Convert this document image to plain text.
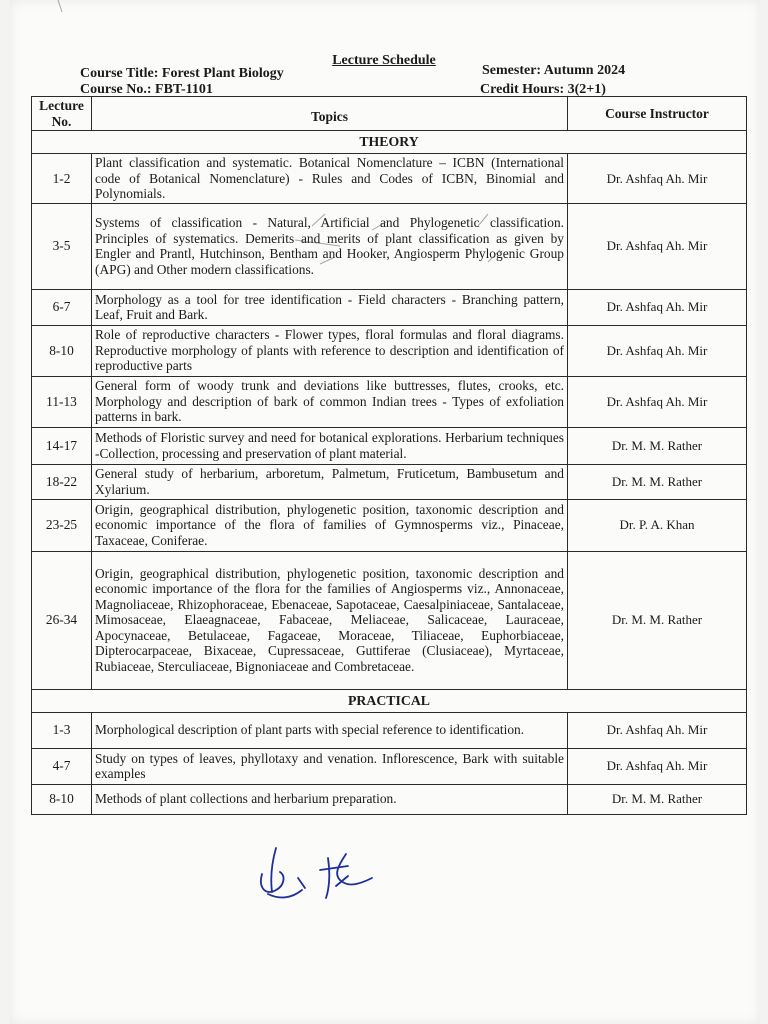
Lecture Schedule
Course Title: Forest Plant Biology
Course No.: FBT-1101
Semester: Autumn 2024
Credit Hours: 3(2+1)
Lecture
No.	Topics	Course Instructor
THEORY		
1-2	Plant classification and systematic. Botanical Nomenclature – ICBN (International code of Botanical Nomenclature) - Rules and Codes of ICBN, Binomial and Polynomials.	Dr. Ashfaq Ah. Mir
3-5	Systems of classification - Natural, Artificial and Phylogenetic classification. Principles of systematics. Demerits and merits of plant classification as given by Engler and Prantl, Hutchinson, Bentham and Hooker, Angiosperm Phylogenic Group (APG) and Other modern classifications.	Dr. Ashfaq Ah. Mir
6-7	Morphology as a tool for tree identification - Field characters - Branching pattern, Leaf, Fruit and Bark.	Dr. Ashfaq Ah. Mir
8-10	Role of reproductive characters - Flower types, floral formulas and floral diagrams. Reproductive morphology of plants with reference to description and identification of reproductive parts	Dr. Ashfaq Ah. Mir
11-13	General form of woody trunk and deviations like buttresses, flutes, crooks, etc. Morphology and description of bark of common Indian trees - Types of exfoliation patterns in bark.	Dr. Ashfaq Ah. Mir
14-17	Methods of Floristic survey and need for botanical explorations. Herbarium techniques -Collection, processing and preservation of plant material.	Dr. M. M. Rather
18-22	General study of herbarium, arboretum, Palmetum, Fruticetum, Bambusetum and Xylarium.	Dr. M. M. Rather
23-25	Origin, geographical distribution, phylogenetic position, taxonomic description and economic importance of the flora of families of Gymnosperms viz., Pinaceae, Taxaceae, Coniferae.	Dr. P. A. Khan
26-34	Origin, geographical distribution, phylogenetic position, taxonomic description and economic importance of the flora for the families of Angiosperms viz., Annonaceae, Magnoliaceae, Rhizophoraceae, Ebenaceae, Sapotaceae, Caesalpiniaceae, Santalaceae, Mimosaceae, Elaeagnaceae, Fabaceae, Meliaceae, Salicaceae, Lauraceae, Apocynaceae, Betulaceae, Fagaceae, Moraceae, Tiliaceae, Euphorbiaceae, Dipterocarpaceae, Bixaceae, Cupressaceae, Guttiferae (Clusiaceae), Myrtaceae, Rubiaceae, Sterculiaceae, Bignoniaceae and Combretaceae.	Dr. M. M. Rather
PRACTICAL		
1-3	Morphological description of plant parts with special reference to identification.	Dr. Ashfaq Ah. Mir
4-7	Study on types of leaves, phyllotaxy and venation. Inflorescence, Bark with suitable examples	Dr. Ashfaq Ah. Mir
8-10	Methods of plant collections and herbarium preparation.	Dr. M. M. Rather
